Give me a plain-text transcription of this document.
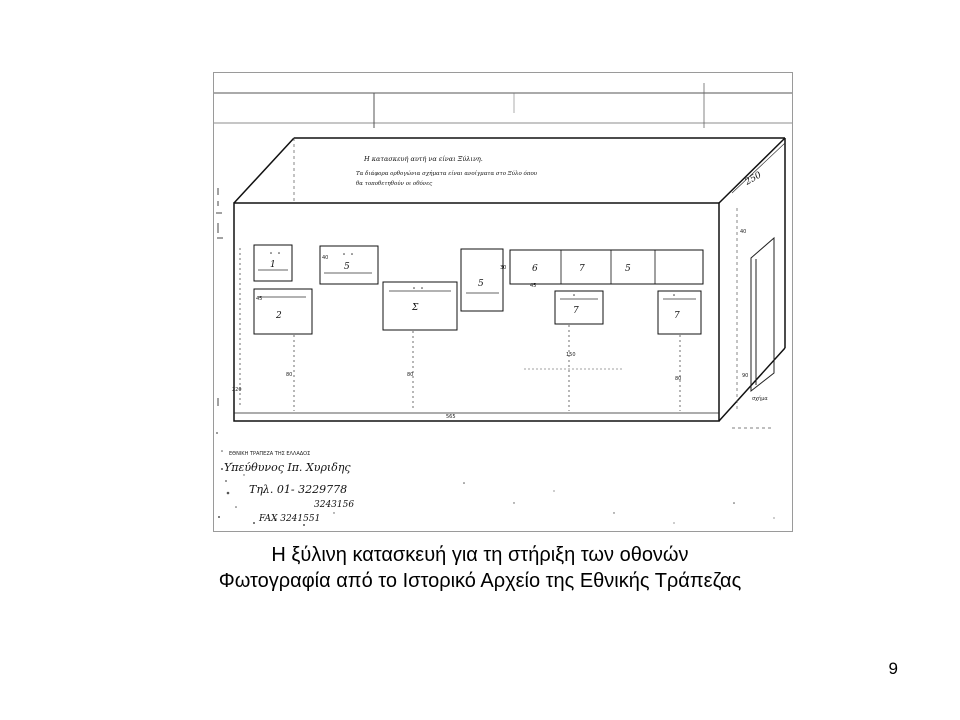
250
σχήμα
Η κατασκευή αυτή να είναι Ξύλινη.
Τα διάφορα ορθογώνια σχήματα είναι ανοίγματα στο Ξύλο όπου
θα τοποθετηθούν οι οθόνες
1	5
2
Σ
5
6	7	5
7	7
150
220
565
45
40
30
45
40
90
80	80
80
ΕΘΝΙΚΗ ΤΡΑΠΕΖΑ ΤΗΣ ΕΛΛΑΔΟΣ
Υπεύθυνος Ιπ. Χυριδης
Τηλ. 01- 3229778
3243156
FAX 3241551
Η ξύλινη κατασκευή για τη στήριξη των οθονών
Φωτογραφία από το Ιστορικό Αρχείο της Εθνικής Τράπεζας
9
